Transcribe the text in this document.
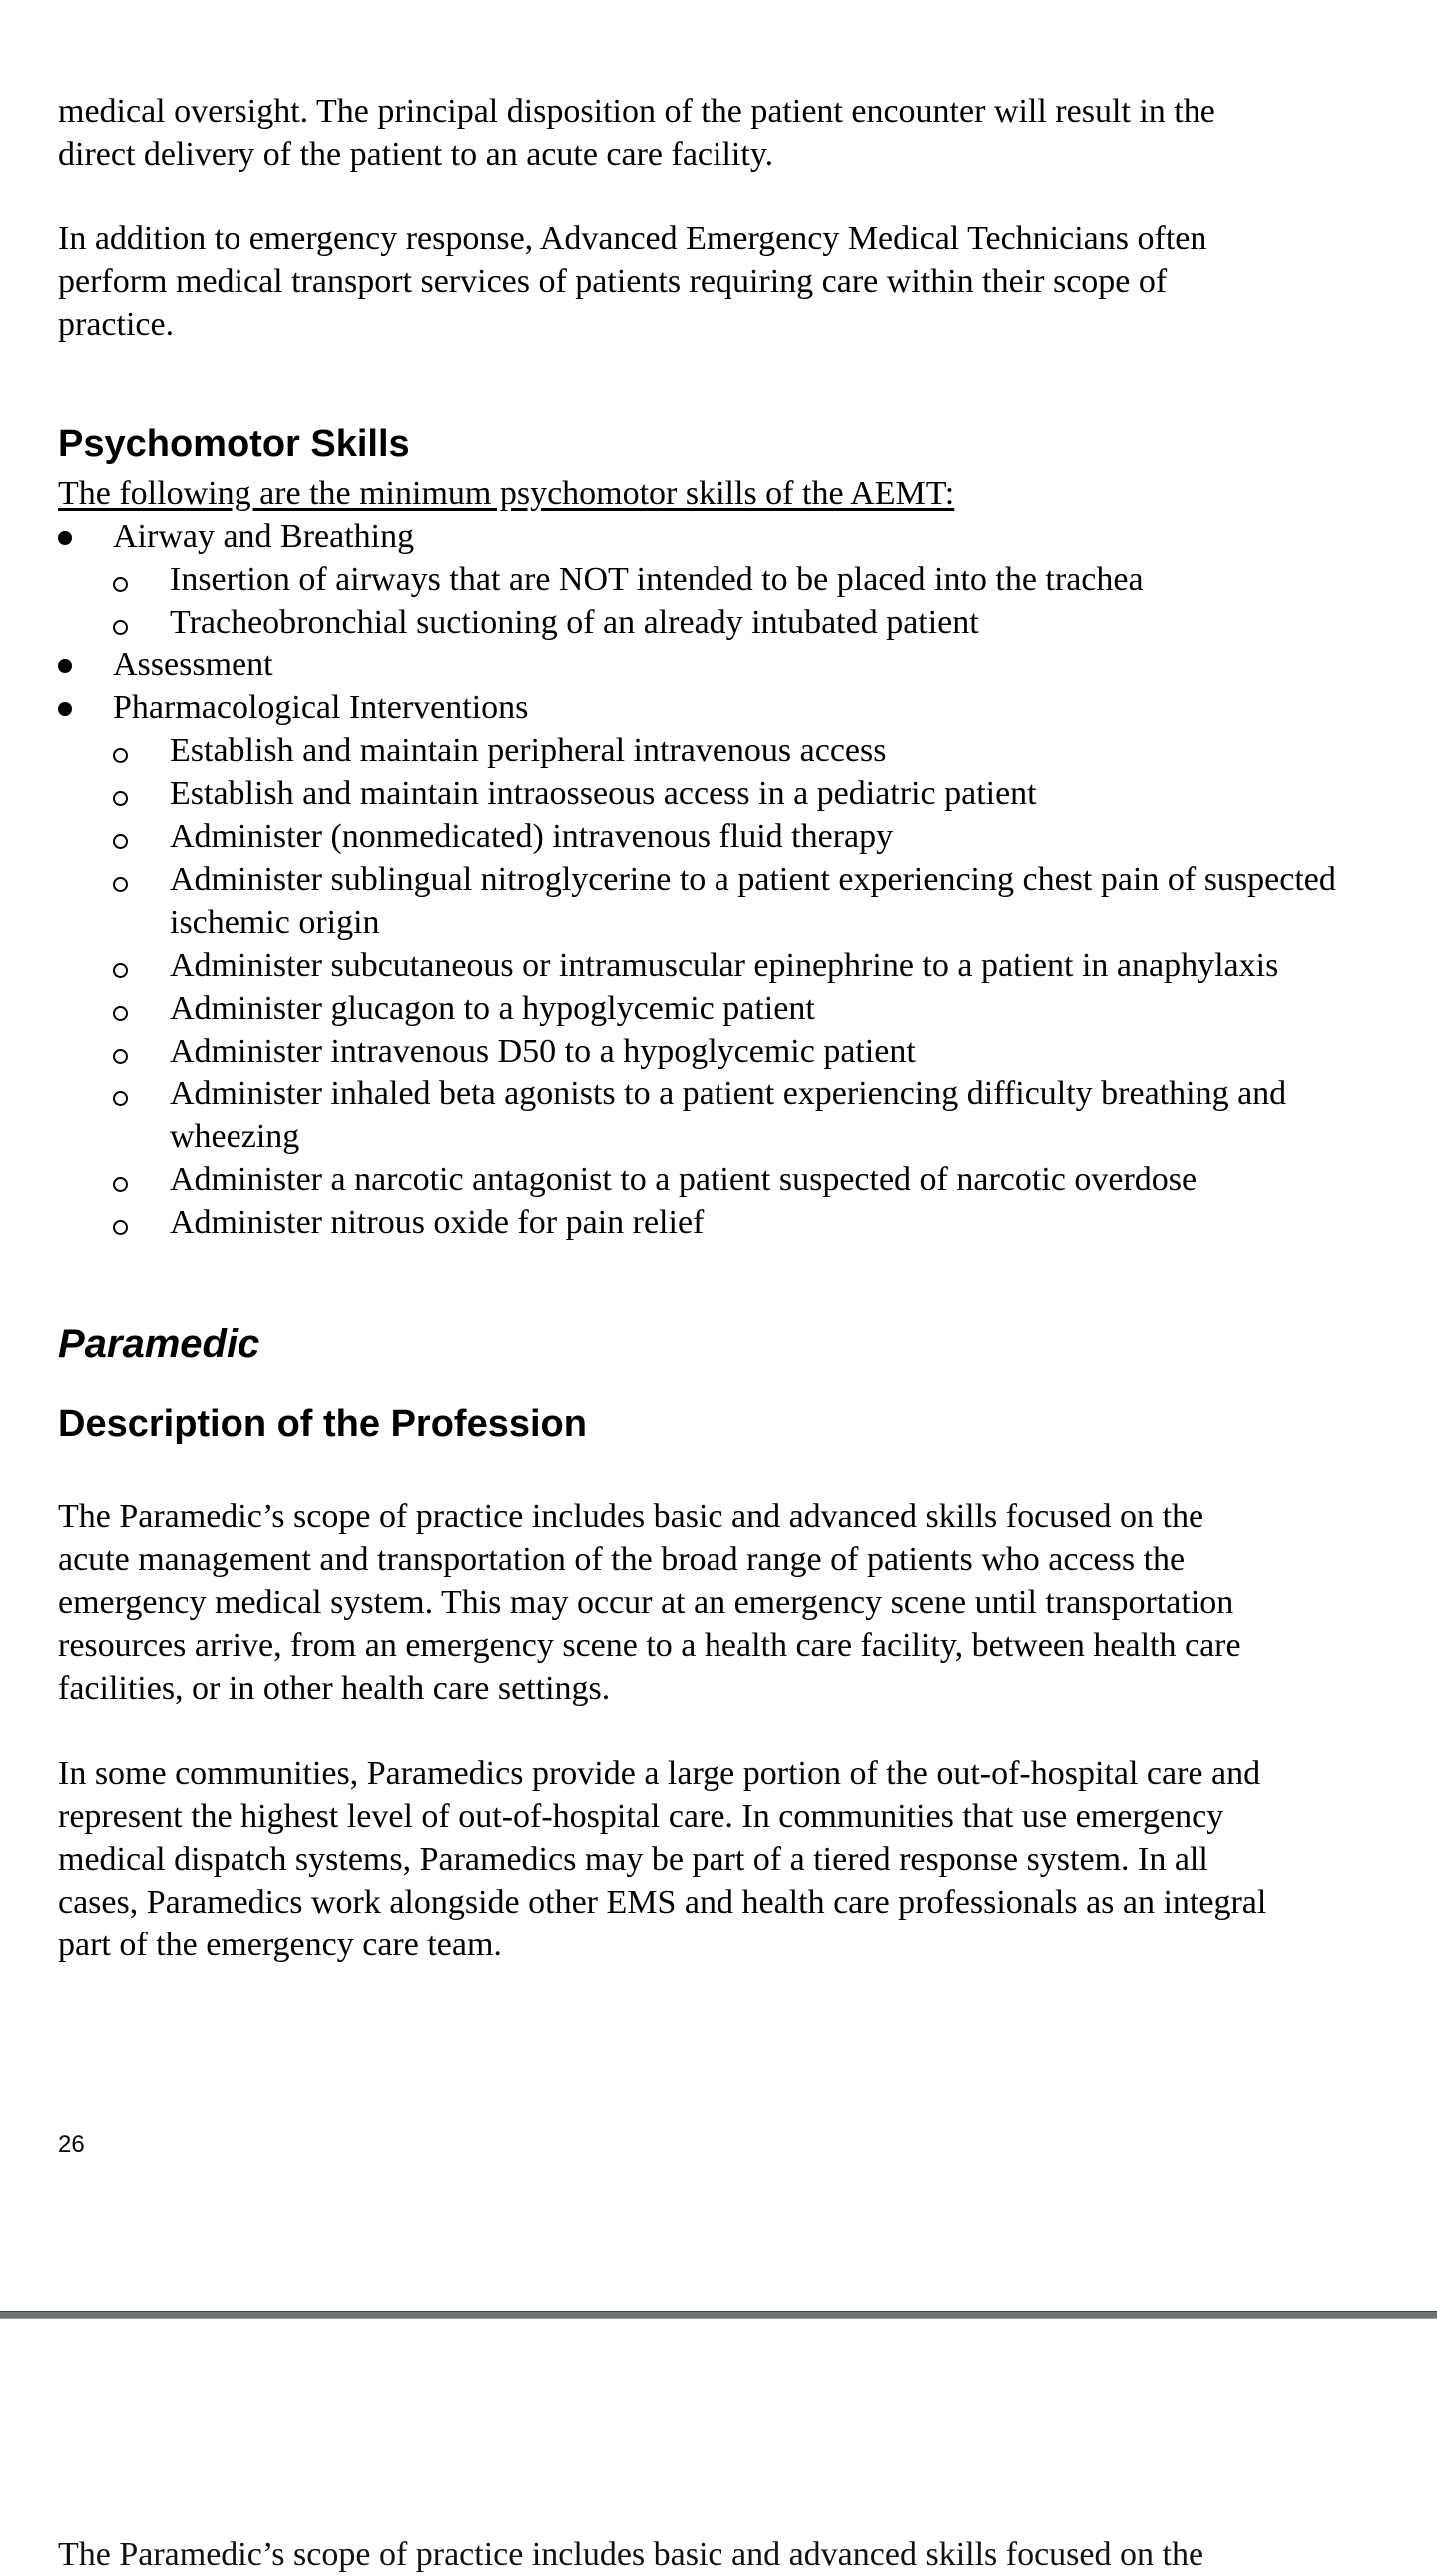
medical oversight. The principal disposition of the patient encounter will result in the
direct delivery of the patient to an acute care facility.

In addition to emergency response, Advanced Emergency Medical Technicians often
perform medical transport services of patients requiring care within their scope of
practice.

Psychomotor Skills

The following are the minimum psychomotor skills of the AEMT:

Airway and Breathing
Insertion of airways that are NOT intended to be placed into the trachea
Tracheobronchial suctioning of an already intubated patient
Assessment
Pharmacological Interventions
Establish and maintain peripheral intravenous access
Establish and maintain intraosseous access in a pediatric patient
Administer (nonmedicated) intravenous fluid therapy
Administer sublingual nitroglycerine to a patient experiencing chest pain of suspected ischemic origin
Administer subcutaneous or intramuscular epinephrine to a patient in anaphylaxis
Administer glucagon to a hypoglycemic patient
Administer intravenous D50 to a hypoglycemic patient
Administer inhaled beta agonists to a patient experiencing difficulty breathing and wheezing
Administer a narcotic antagonist to a patient suspected of narcotic overdose
Administer nitrous oxide for pain relief
Paramedic
Description of the Profession

The Paramedic’s scope of practice includes basic and advanced skills focused on the
acute management and transportation of the broad range of patients who access the
emergency medical system. This may occur at an emergency scene until transportation
resources arrive, from an emergency scene to a health care facility, between health care
facilities, or in other health care settings.

In some communities, Paramedics provide a large portion of the out-of-hospital care and
represent the highest level of out-of-hospital care. In communities that use emergency
medical dispatch systems, Paramedics may be part of a tiered response system. In all
cases, Paramedics work alongside other EMS and health care professionals as an integral
part of the emergency care team.

26
The Paramedic’s scope of practice includes basic and advanced skills focused on the
